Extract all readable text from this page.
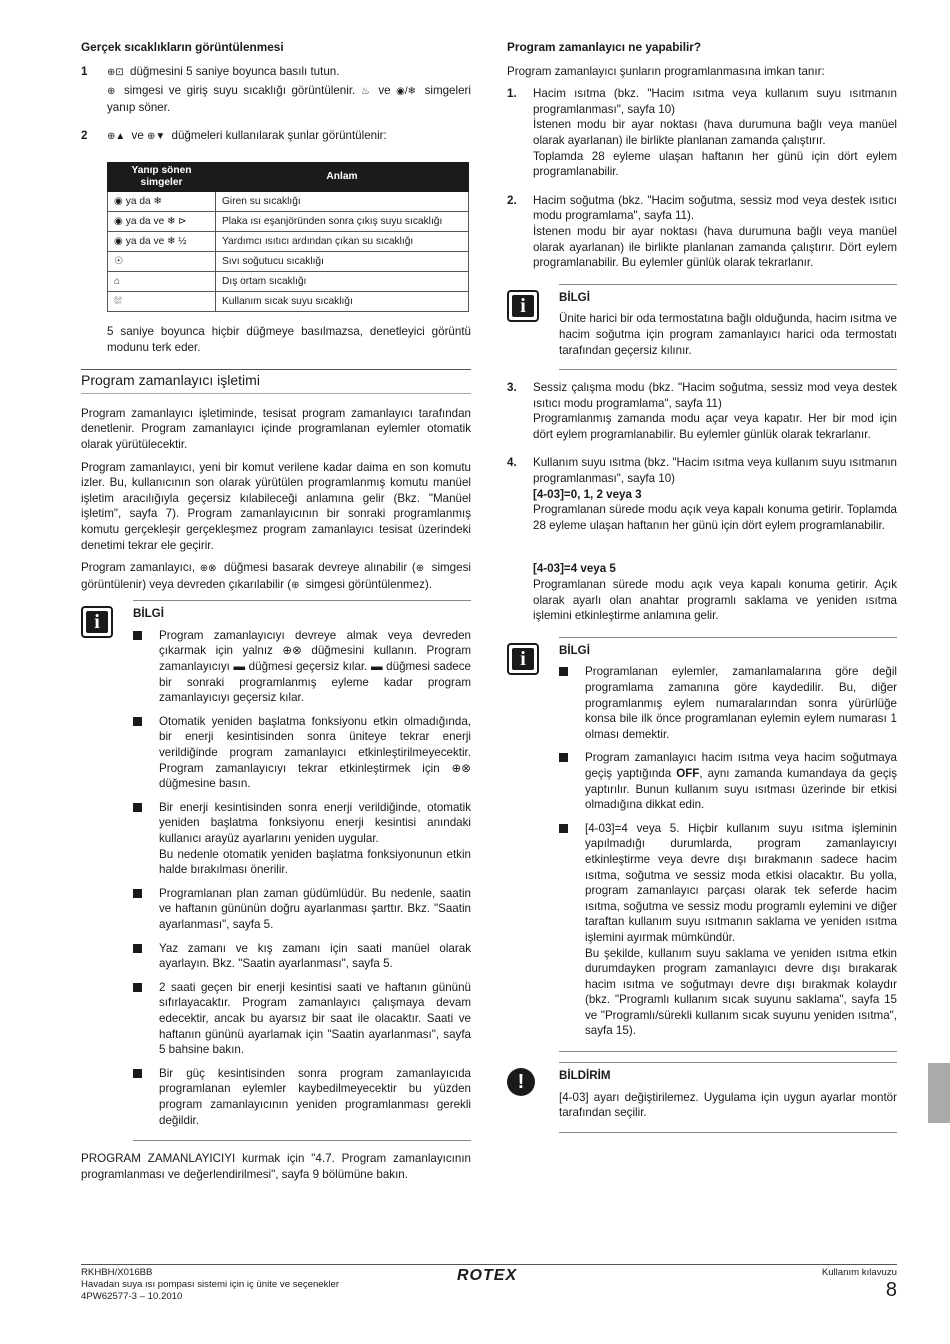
Gerçek sıcaklıkların görüntülenmesi
1	⊕⊡ düğmesini 5 saniye boyunca basılı tutun.

⊕ simgesi ve giriş suyu sıcaklığı görüntülenir. ♨ ve ◉/❄ simgeleri yanıp söner.

2	⊕▲ ve ⊕▼ düğmeleri kullanılarak şunlar görüntülenir:

Yanıp sönen simgeler	Anlam
◉ ya da ❄	Giren su sıcaklığı
◉ ya da ve ❄ ⊳	Plaka ısı eşanjöründen sonra çıkış suyu sıcaklığı
◉ ya da ve ❄ ½	Yardımcı ısıtıcı ardından çıkan su sıcaklığı
☉	Sıvı soğutucu sıcaklığı
⌂	Dış ortam sıcaklığı
⛆	Kullanım sıcak suyu sıcaklığı

5 saniye boyunca hiçbir düğmeye basılmazsa, denetleyici görüntü modunu terk eder.

Program zamanlayıcı işletimi

Program zamanlayıcı işletiminde, tesisat program zamanlayıcı tarafından denetlenir. Program zamanlayıcı içinde programlanan eylemler otomatik olarak yürütülecektir.

Program zamanlayıcı, yeni bir komut verilene kadar daima en son komutu izler. Bu, kullanıcının son olarak yürütülen programlanmış komutu manüel işletim aracılığıyla geçersiz kılabileceği anlamına gelir (Bkz. "Manüel işletim", sayfa 7). Program zamanlayıcının bir sonraki programlanmış komutu gerçekleşir gerçekleşmez program zamanlayıcı tesisat üzerindeki denetimi tekrar ele geçirir.

Program zamanlayıcı, ⊕⊗ düğmesi basarak devreye alınabilir (⊕ simgesi görüntülenir) veya devreden çıkarılabilir (⊕ simgesi görüntülenmez).

i	BİLGİ
Program zamanlayıcıyı devreye almak veya devreden çıkarmak için yalnız ⊕⊗ düğmesini kullanın. Program zamanlayıcıyı ▬ düğmesi geçersiz kılar. ▬ düğmesi sadece bir sonraki programlanmış eyleme kadar program zamanlayıcıyı geçersiz kılar.
Otomatik yeniden başlatma fonksiyonu etkin olmadığında, bir enerji kesintisinden sonra üniteye tekrar enerji verildiğinde program zamanlayıcı etkinleştirilmeyecektir. Program zamanlayıcıyı tekrar etkinleştirmek için ⊕⊗ düğmesine basın.
Bir enerji kesintisinden sonra enerji verildiğinde, otomatik yeniden başlatma fonksiyonu enerji kesintisi anındaki kullanıcı arayüz ayarlarını yeniden uygular.
Bu nedenle otomatik yeniden başlatma fonksiyonunun etkin halde bırakılması önerilir.
Programlanan plan zaman güdümlüdür. Bu nedenle, saatin ve haftanın gününün doğru ayarlanması şarttır. Bkz. "Saatin ayarlanması", sayfa 5.
Yaz zamanı ve kış zamanı için saati manüel olarak ayarlayın. Bkz. "Saatin ayarlanması", sayfa 5.
2 saati geçen bir enerji kesintisi saati ve haftanın gününü sıfırlayacaktır. Program zamanlayıcı çalışmaya devam edecektir, ancak bu ayarsız bir saat ile olacaktır. Saati ve haftanın gününü ayarlamak için "Saatin ayarlanması", sayfa 5 bahsine bakın.
Bir güç kesintisinden sonra program zamanlayıcıda programlanan eylemler kaybedilmeyecektir bu yüzden program zamanlayıcının yeniden programlanması gerekli değildir.

PROGRAM ZAMANLAYICIYI kurmak için "4.7. Program zamanlayıcının programlanması ve değerlendirilmesi", sayfa 9 bölümüne bakın.

Program zamanlayıcı ne yapabilir?

Program zamanlayıcı şunların programlanmasına imkan tanır:

1.	Hacim ısıtma (bkz. "Hacim ısıtma veya kullanım suyu ısıtmanın programlanması", sayfa 10)

İstenen modu bir ayar noktası (hava durumuna bağlı veya manüel olarak ayarlanan) ile birlikte planlanan zamanda çalıştırır.

Toplamda 28 eyleme ulaşan haftanın her günü için dört eylem programlanabilir.

2.	Hacim soğutma (bkz. "Hacim soğutma, sessiz mod veya destek ısıtıcı modu programlama", sayfa 11).

İstenen modu bir ayar noktası (hava durumuna bağlı veya manüel olarak ayarlanan) ile birlikte planlanan zamanda çalıştırır. Dört eylem programlanabilir. Bu eylemler günlük olarak tekrarlanır.

i	BİLGİ

Ünite harici bir oda termostatına bağlı olduğunda, hacim ısıtma ve hacim soğutma için program zamanlayıcı harici oda termostatı tarafından geçersiz kılınır.

3.	Sessiz çalışma modu (bkz. "Hacim soğutma, sessiz mod veya destek ısıtıcı modu programlama", sayfa 11)

Programlanmış zamanda modu açar veya kapatır. Her bir mod için dört eylem programlanabilir. Bu eylemler günlük olarak tekrarlanır.

4.	Kullanım suyu ısıtma (bkz. "Hacim ısıtma veya kullanım suyu ısıtmanın programlanması", sayfa 10)

[4-03]=0, 1, 2 veya 3

Programlanan sürede modu açık veya kapalı konuma getirir. Toplamda 28 eyleme ulaşan haftanın her günü için dört eylem programlanabilir.

[4-03]=4 veya 5

Programlanan sürede modu açık veya kapalı konuma getirir. Açık olarak ayarlı olan anahtar programlı saklama ve yeniden ısıtma işlemini etkinleştirme anlamına gelir.

i	BİLGİ
Programlanan eylemler, zamanlamalarına göre değil programlama zamanına göre kaydedilir. Bu, diğer programlanmış eylem numaralarından sonra yürürlüğe konsa bile ilk önce programlanan eylemin eylem numarası 1 olması demektir.
Program zamanlayıcı hacim ısıtma veya hacim soğutmaya geçiş yaptığında OFF, aynı zamanda kumandaya da geçiş yaptırılır. Bunun kullanım suyu ısıtması üzerinde bir etkisi olmadığına dikkat edin.
[4-03]=4 veya 5. Hiçbir kullanım suyu ısıtma işleminin yapılmadığı durumlarda, program zamanlayıcıyı etkinleştirme veya devre dışı bırakmanın sadece hacim ısıtma, soğutma ve sessiz moda etkisi olacaktır. Bu yolla, program zamanlayıcı parçası olarak tek seferde hacim ısıtma, soğutma ve sessiz modu programlı eylemini ve diğer taraftan kullanım suyu ısıtmanın saklama ve yeniden ısıtma işlemini ayırmak mümkündür.
Bu şekilde, kullanım suyu saklama ve yeniden ısıtma etkin durumdayken program zamanlayıcı devre dışı bırakarak hacim ısıtma ve soğutmayı devre dışı bırakmak kolaydır (bkz. "Programlı kullanım sıcak suyunu saklama", sayfa 15 ve "Programlı/sürekli kullanım sıcak suyunu yeniden ısıtma", sayfa 15).
!	BİLDİRİM

[4-03] ayarı değiştirilemez. Uygulama için uygun ayarlar montör tarafından seçilir.

RKHBH/X016BB
Havadan suya ısı pompası sistemi için iç ünite ve seçenekler
4PW62577-3 – 10.2010
ROTEX	Kullanım kılavuzu
8
